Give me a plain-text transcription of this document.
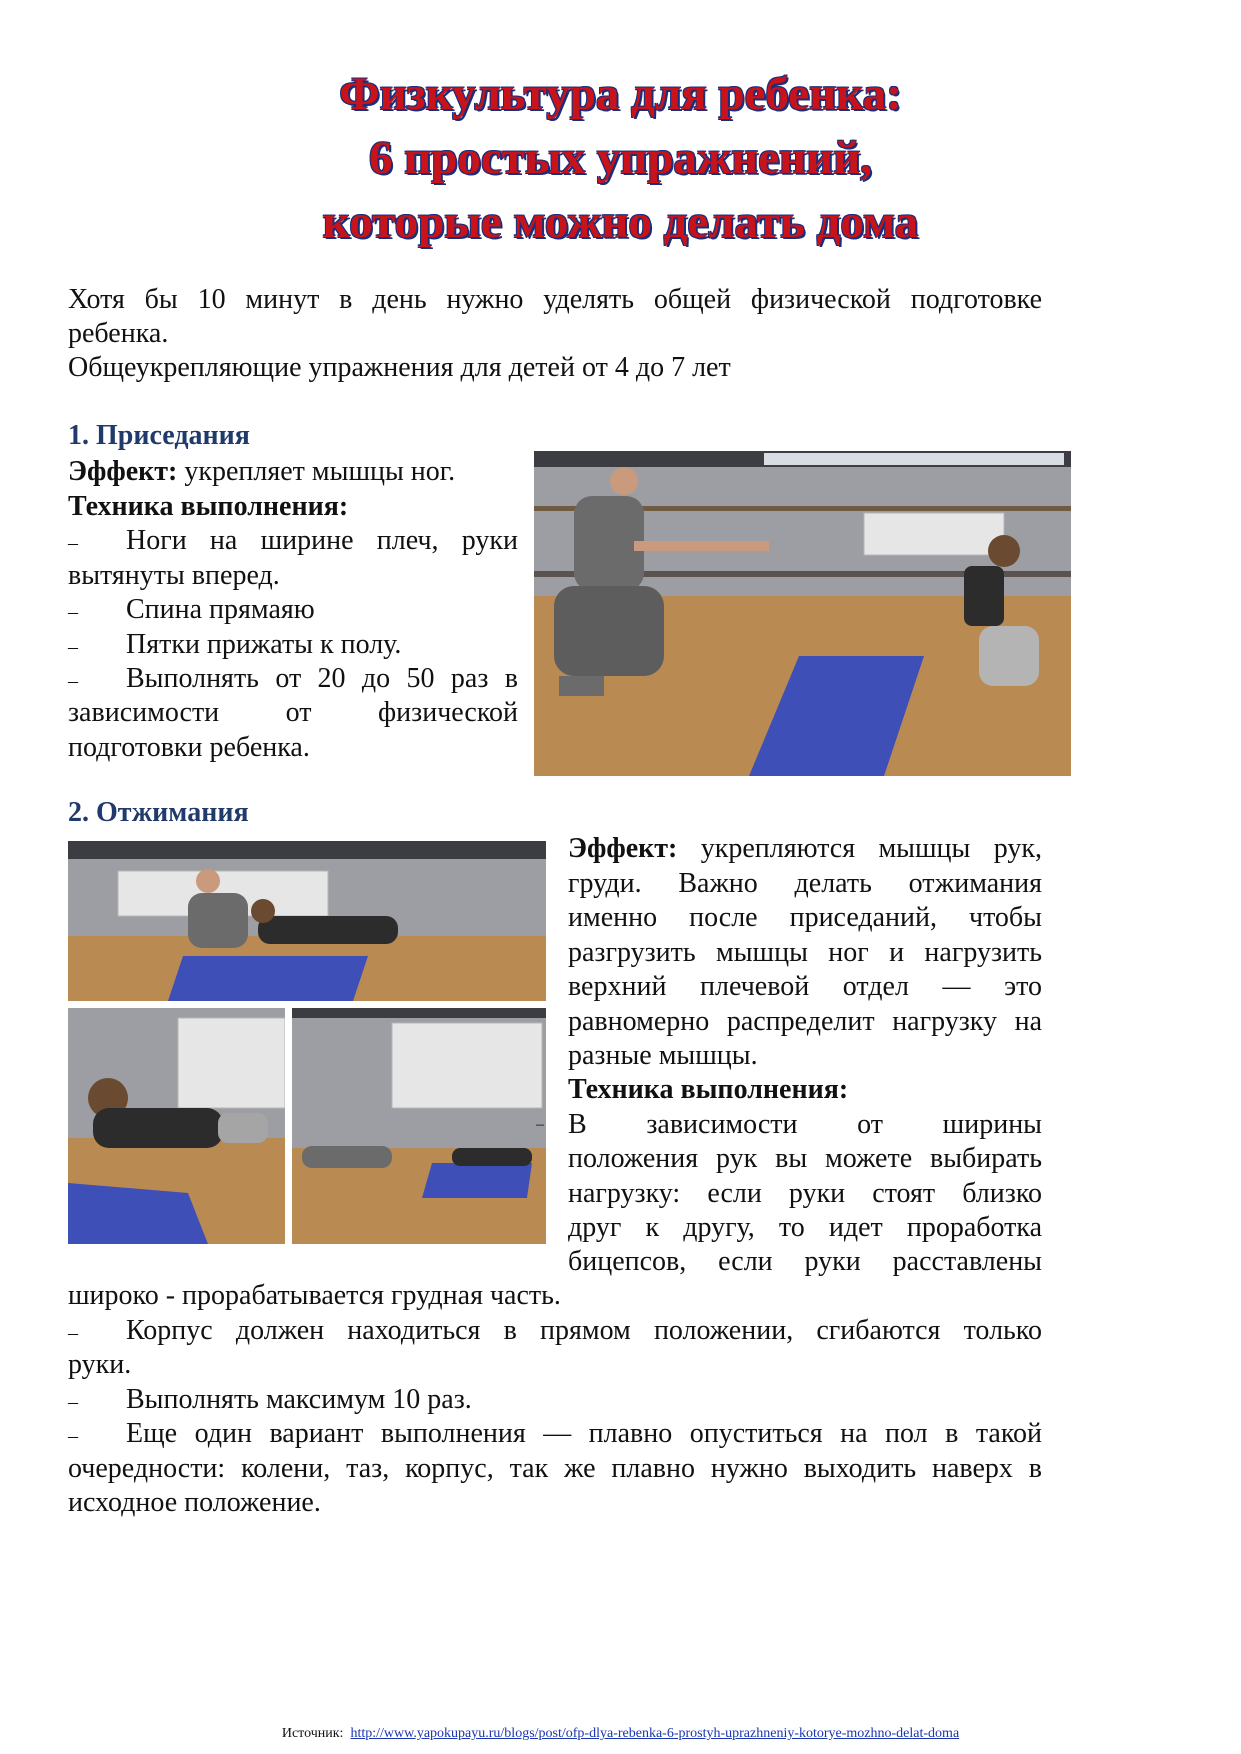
Физкультура для ребенка:
6 простых упражнений,
которые можно делать дома
Хотя бы 10 минут в день нужно уделять общей физической подготовке
ребенка.
Общеукрепляющие упражнения для детей от 4 до 7 лет
1. Приседания
Эффект: укрепляет мышцы ног.
Техника выполнения:
– Ноги на ширине плеч, руки
вытянуты вперед.
– Спина прямаяю
– Пятки прижаты к полу.
– Выполнять от 20 до 50 раз в
зависимости от физической
подготовки ребенка.
2. Отжимания
Эффект: укрепляются мышцы рук,
груди. Важно делать отжимания
именно после приседаний, чтобы
разгрузить мышцы ног и нагрузить
верхний плечевой отдел — это
равномерно распределит нагрузку на
разные мышцы.
Техника выполнения:
– В зависимости от ширины
положения рук вы можете выбирать
нагрузку: если руки стоят близко
друг к другу, то идет проработка
бицепсов, если руки расставлены
широко - прорабатывается грудная часть.
– Корпус должен находиться в прямом положении, сгибаются только
руки.
– Выполнять максимум 10 раз.
– Еще один вариант выполнения — плавно опуститься на пол в такой
очередности: колени, таз, корпус, так же плавно нужно выходить наверх в
исходное положение.
Источник: http://www.yapokupayu.ru/blogs/post/ofp-dlya-rebenka-6-prostyh-uprazhneniy-kotorye-mozhno-delat-doma
